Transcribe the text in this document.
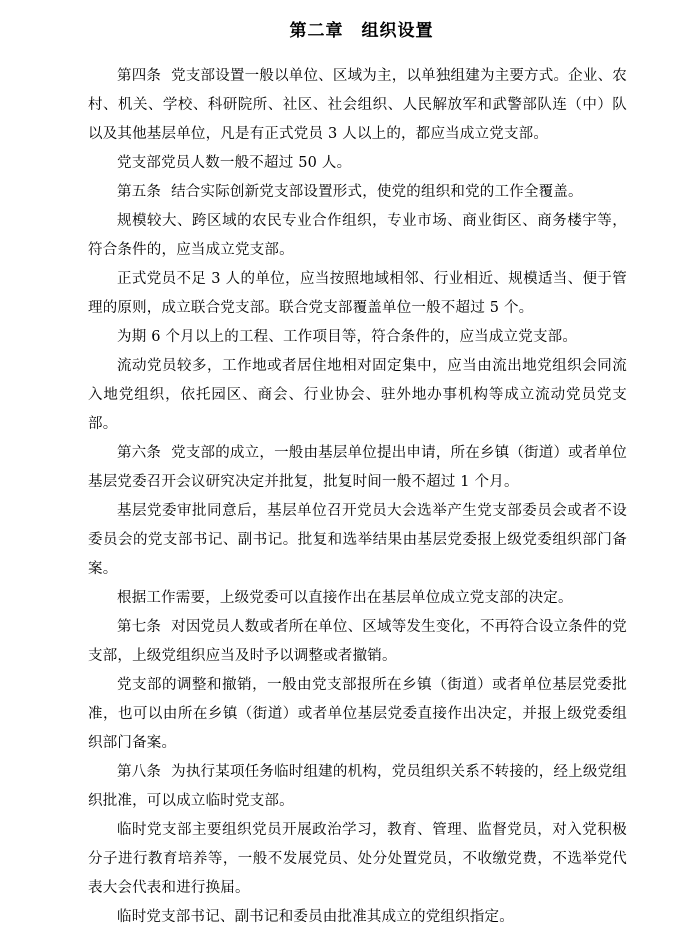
第二章　组织设置

第四条 党支部设置一般以单位、区域为主，以单独组建为主要方式。企业、农村、机关、学校、科研院所、社区、社会组织、人民解放军和武警部队连（中）队以及其他基层单位，凡是有正式党员 3 人以上的，都应当成立党支部。

党支部党员人数一般不超过 50 人。

第五条 结合实际创新党支部设置形式，使党的组织和党的工作全覆盖。

规模较大、跨区域的农民专业合作组织，专业市场、商业街区、商务楼宇等，符合条件的，应当成立党支部。

正式党员不足 3 人的单位，应当按照地域相邻、行业相近、规模适当、便于管理的原则，成立联合党支部。联合党支部覆盖单位一般不超过 5 个。

为期 6 个月以上的工程、工作项目等，符合条件的，应当成立党支部。

流动党员较多，工作地或者居住地相对固定集中，应当由流出地党组织会同流入地党组织，依托园区、商会、行业协会、驻外地办事机构等成立流动党员党支部。

第六条 党支部的成立，一般由基层单位提出申请，所在乡镇（街道）或者单位基层党委召开会议研究决定并批复，批复时间一般不超过 1 个月。

基层党委审批同意后，基层单位召开党员大会选举产生党支部委员会或者不设委员会的党支部书记、副书记。批复和选举结果由基层党委报上级党委组织部门备案。

根据工作需要，上级党委可以直接作出在基层单位成立党支部的决定。

第七条 对因党员人数或者所在单位、区域等发生变化，不再符合设立条件的党支部，上级党组织应当及时予以调整或者撤销。

党支部的调整和撤销，一般由党支部报所在乡镇（街道）或者单位基层党委批准，也可以由所在乡镇（街道）或者单位基层党委直接作出决定，并报上级党委组织部门备案。

第八条 为执行某项任务临时组建的机构，党员组织关系不转接的，经上级党组织批准，可以成立临时党支部。

临时党支部主要组织党员开展政治学习，教育、管理、监督党员，对入党积极分子进行教育培养等，一般不发展党员、处分处置党员，不收缴党费，不选举党代表大会代表和进行换届。

临时党支部书记、副书记和委员由批准其成立的党组织指定。
